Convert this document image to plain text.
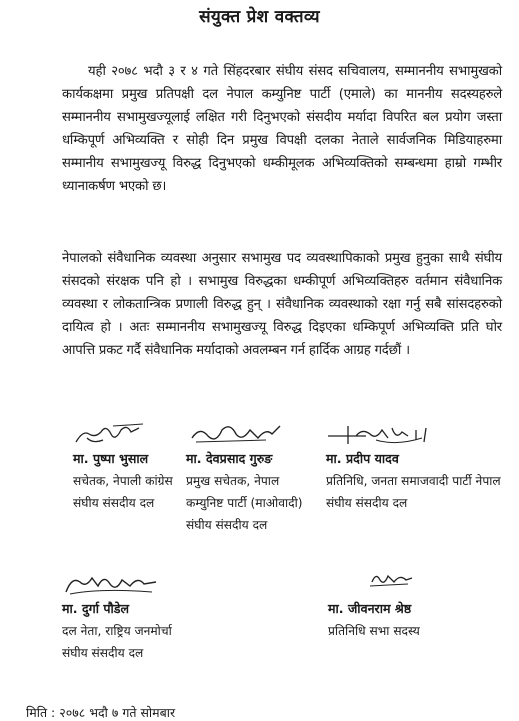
संयुक्त प्रेश वक्तव्य

यही २०७८ भदौ ३ र ४ गते सिंहदरबार संघीय संसद सचिवालय, सम्माननीय सभामुखको कार्यकक्षमा प्रमुख प्रतिपक्षी दल नेपाल कम्युनिष्ट पार्टी (एमाले) का माननीय सदस्यहरुले सम्माननीय सभामुखज्यूलाई लक्षित गरी दिनुभएको संसदीय मर्यादा विपरित बल प्रयोग जस्ता धम्किपूर्ण अभिव्यक्ति र सोही दिन प्रमुख विपक्षी दलका नेताले सार्वजनिक मिडियाहरुमा सम्मानीय सभामुखज्यू विरुद्ध दिनुभएको धम्कीमूलक अभिव्यक्तिको सम्बन्धमा हाम्रो गम्भीर ध्यानाकर्षण भएको छ।

नेपालको संवैधानिक व्यवस्था अनुसार सभामुख पद व्यवस्थापिकाको प्रमुख हुनुका साथै संघीय संसदको संरक्षक पनि हो । सभामुख विरुद्धका धम्कीपूर्ण अभिव्यक्तिहरु वर्तमान संवैधानिक व्यवस्था र लोकतान्त्रिक प्रणाली विरुद्ध हुन् । संवैधानिक व्यवस्थाको रक्षा गर्नु सबै सांसदहरुको दायित्व हो । अतः सम्माननीय सभामुखज्यू विरुद्ध दिइएका धम्किपूर्ण अभिव्यक्ति प्रति घोर आपत्ति प्रकट गर्दै संवैधानिक मर्यादाको अवलम्बन गर्न हार्दिक आग्रह गर्दछौं ।

मा. पुष्पा भुसाल
सचेतक, नेपाली कांग्रेस
संघीय संसदीय दल
मा. देवप्रसाद गुरुङ
प्रमुख सचेतक, नेपाल
कम्युनिष्ट पार्टी (माओवादी)
संघीय संसदीय दल
मा. प्रदीप यादव
प्रतिनिधि, जनता समाजवादी पार्टी नेपाल
संघीय संसदीय दल
मा. दुर्गा पौडेल
दल नेता, राष्ट्रिय जनमोर्चा
संघीय संसदीय दल
मा. जीवनराम श्रेष्ठ
प्रतिनिधि सभा सदस्य
मिति : २०७८ भदौ ७ गते सोमबार
